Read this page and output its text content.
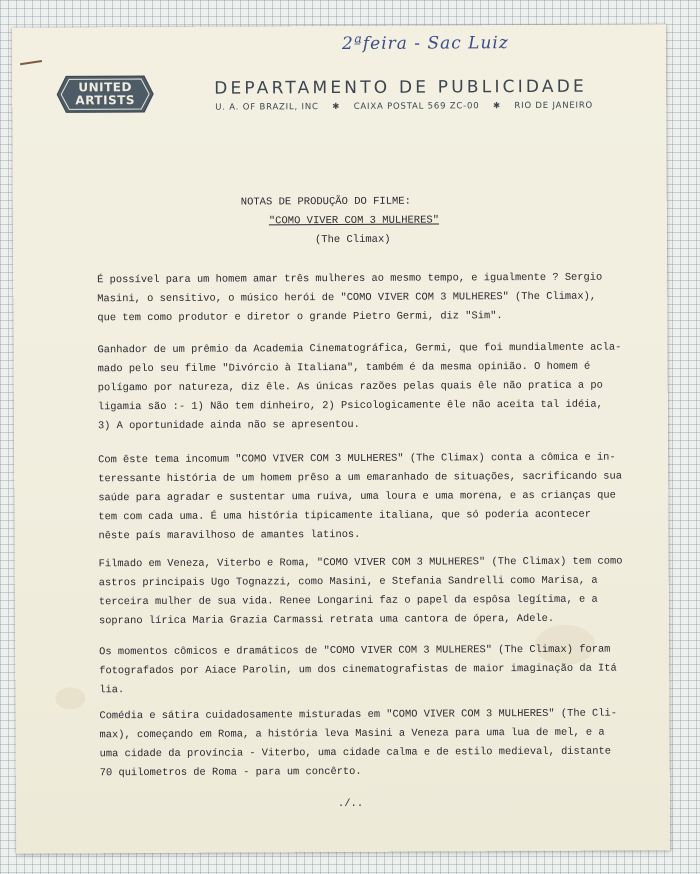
2ªfeira - Sac Luiz
UNITED
ARTISTS
DEPARTAMENTO DE PUBLICIDADE
U. A. OF BRAZIL, INC ✱ CAIXA POSTAL 569 ZC-00 ✱ RIO DE JANEIRO
NOTAS DE PRODUÇÃO DO FILME:
"COMO VIVER COM 3 MULHERES"
(The Climax)

É possível para um homem amar três mulheres ao mesmo tempo, e igualmente ? Sergio

Masini, o sensitivo, o músico herói de "COMO VIVER COM 3 MULHERES" (The Climax),

que tem como produtor e diretor o grande Pietro Germi, diz "Sim".

Ganhador de um prêmio da Academia Cinematográfica, Germi, que foi mundialmente acla-

mado pelo seu filme "Divórcio à Italiana", também é da mesma opinião. O homem é

polígamo por natureza, diz êle. As únicas razões pelas quais êle não pratica a po

ligamia são :- 1) Não tem dinheiro, 2) Psicologicamente êle não aceita tal idéia,

3) A oportunidade ainda não se apresentou.

Com êste tema incomum "COMO VIVER COM 3 MULHERES" (The Climax) conta a cômica e in-

teressante história de um homem prêso a um emaranhado de situações, sacrificando sua

saúde para agradar e sustentar uma ruiva, uma loura e uma morena, e as crianças que

tem com cada uma. É uma história tipicamente italiana, que só poderia acontecer

nêste país maravilhoso de amantes latinos.

Filmado em Veneza, Viterbo e Roma, "COMO VIVER COM 3 MULHERES" (The Climax) tem como

astros principais Ugo Tognazzi, como Masini, e Stefania Sandrelli como Marisa, a

terceira mulher de sua vida. Renee Longarini faz o papel da espôsa legítima, e a

soprano lírica Maria Grazia Carmassi retrata uma cantora de ópera, Adele.

Os momentos cômicos e dramáticos de "COMO VIVER COM 3 MULHERES" (The Climax) foram

fotografados por Aiace Parolin, um dos cinematografistas de maior imaginação da Itá

lia.

Comédia e sátira cuidadosamente misturadas em "COMO VIVER COM 3 MULHERES" (The Cli-

max), começando em Roma, a história leva Masini a Veneza para uma lua de mel, e a

uma cidade da província - Viterbo, uma cidade calma e de estilo medieval, distante

70 quilometros de Roma - para um concêrto.

./..
